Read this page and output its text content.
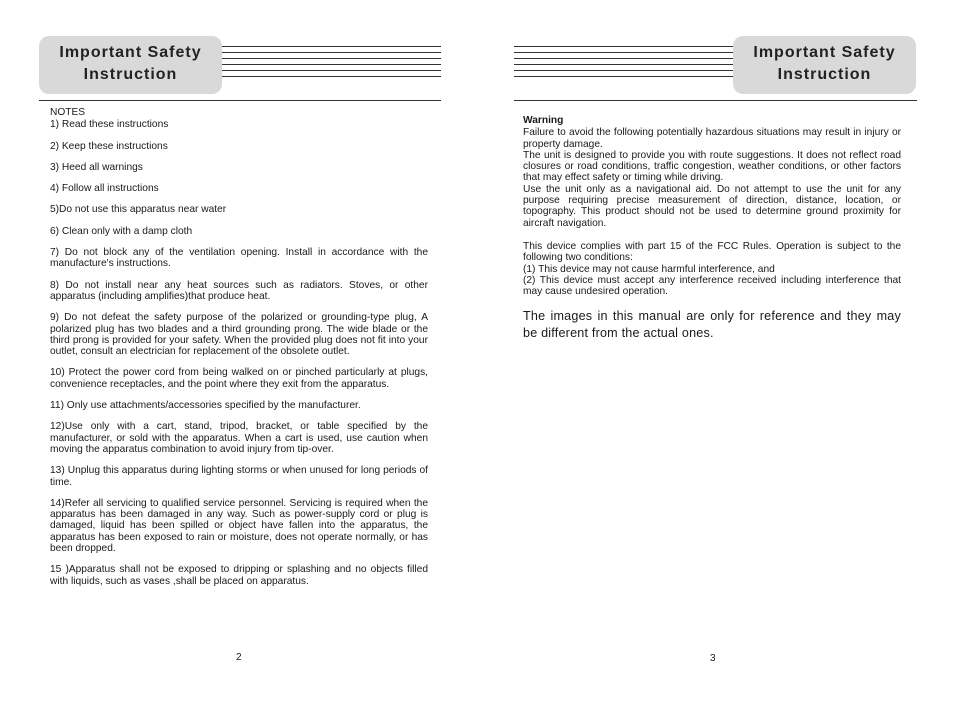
Important Safety
Instruction

NOTES

1) Read these instructions

2) Keep these instructions

3) Heed all warnings

4) Follow all instructions

5)Do not use this apparatus near water

6) Clean only with a damp cloth

7) Do not block any of the ventilation opening. Install in accordance with the manufacture's instructions.

8) Do not install near any heat sources such as radiators. Stoves, or other apparatus (including amplifies)that produce heat.

9) Do not defeat the safety purpose of the polarized or grounding-type plug, A polarized plug has two blades and a third grounding prong. The wide blade or the third prong is provided for your safety. When the provided plug does not fit into your outlet, consult an electrician for replacement of the obsolete outlet.

10) Protect the power cord from being walked on or pinched particularly at plugs, convenience receptacles, and the point where they exit from the apparatus.

11) Only use attachments/accessories specified by the manufacturer.

12)Use only with a cart, stand, tripod, bracket, or table specified by the manufacturer, or sold with the apparatus. When a cart is used, use caution when moving the apparatus combination to avoid injury from tip-over.

13) Unplug this apparatus during lighting storms or when unused for long periods of time.

14)Refer all servicing to qualified service personnel. Servicing is required when the apparatus has been damaged in any way. Such as power-supply cord or plug is damaged, liquid has been spilled or object have fallen into the apparatus, the apparatus has been exposed to rain or moisture, does not operate normally, or has been dropped.

15 )Apparatus shall not be exposed to dripping or splashing and no objects filled with liquids, such as vases ,shall be placed on apparatus.

2
Important Safety
Instruction

Warning

Failure to avoid the following potentially hazardous situations may result in injury or property damage.

The unit is designed to provide you with route suggestions. It does not reflect road closures or road conditions, traffic congestion, weather conditions, or other factors that may effect safety or timing while driving.

Use the unit only as a navigational aid. Do not attempt to use the unit for any purpose requiring precise measurement of direction, distance, location, or topography. This product should not be used to determine ground proximity for aircraft navigation.

This device complies with part 15 of the FCC Rules. Operation is subject to the following two conditions:

(1) This device may not cause harmful interference, and

(2) This device must accept any interference received including interference that may cause undesired operation.

The images in this manual are only for reference and they may be different from the actual ones.

3
